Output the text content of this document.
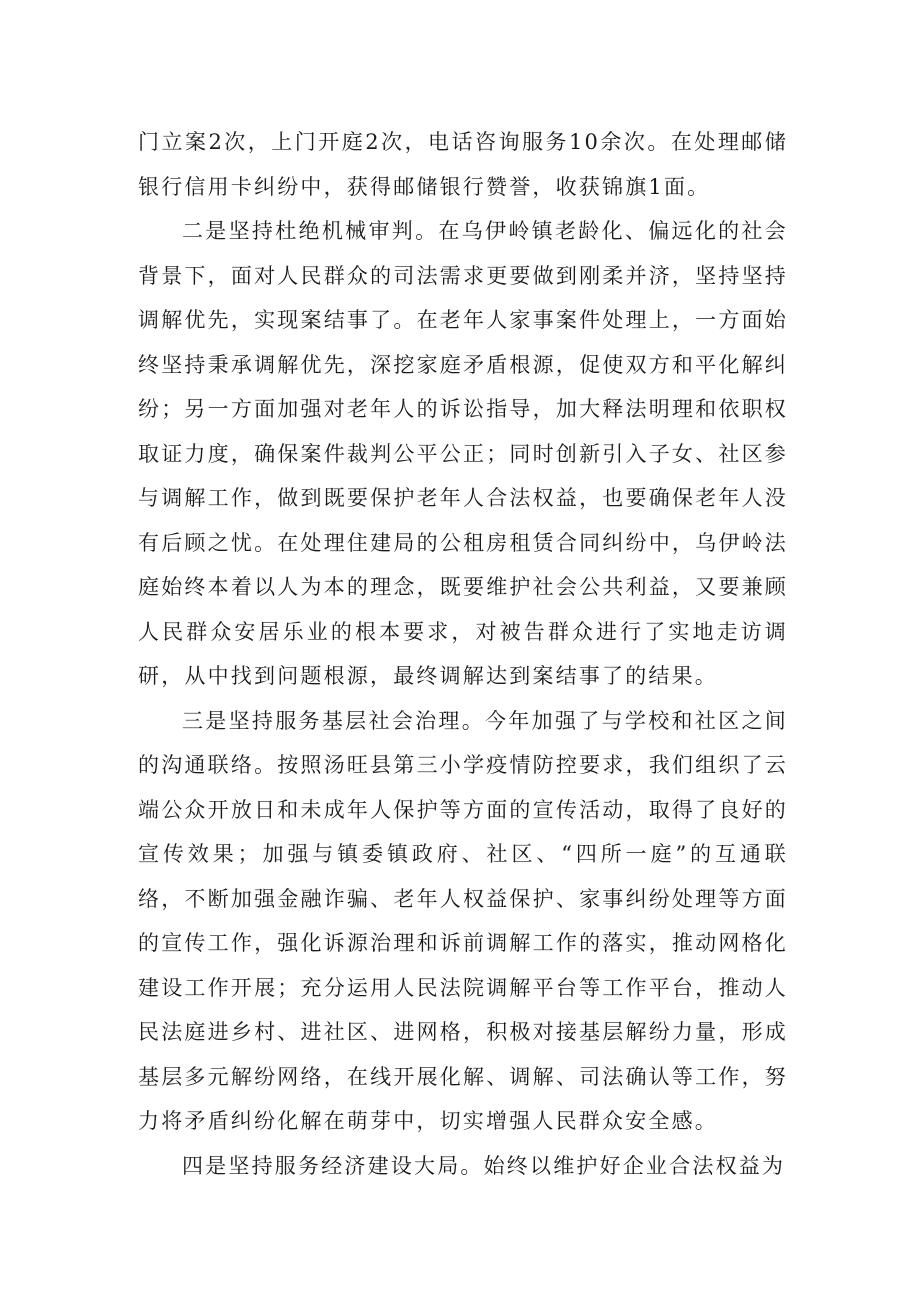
门立案2次，上门开庭2次，电话咨询服务10余次。在处理邮储银行信用卡纠纷中，获得邮储银行赞誉，收获锦旗1面。

二是坚持杜绝机械审判。在乌伊岭镇老龄化、偏远化的社会背景下，面对人民群众的司法需求更要做到刚柔并济，坚持坚持调解优先，实现案结事了。在老年人家事案件处理上，一方面始终坚持秉承调解优先，深挖家庭矛盾根源，促使双方和平化解纠纷；另一方面加强对老年人的诉讼指导，加大释法明理和依职权取证力度，确保案件裁判公平公正；同时创新引入子女、社区参与调解工作，做到既要保护老年人合法权益，也要确保老年人没有后顾之忧。在处理住建局的公租房租赁合同纠纷中，乌伊岭法庭始终本着以人为本的理念，既要维护社会公共利益，又要兼顾人民群众安居乐业的根本要求，对被告群众进行了实地走访调研，从中找到问题根源，最终调解达到案结事了的结果。

三是坚持服务基层社会治理。今年加强了与学校和社区之间的沟通联络。按照汤旺县第三小学疫情防控要求，我们组织了云端公众开放日和未成年人保护等方面的宣传活动，取得了良好的宣传效果；加强与镇委镇政府、社区、“四所一庭”的互通联络，不断加强金融诈骗、老年人权益保护、家事纠纷处理等方面的宣传工作，强化诉源治理和诉前调解工作的落实，推动网格化建设工作开展；充分运用人民法院调解平台等工作平台，推动人民法庭进乡村、进社区、进网格，积极对接基层解纷力量，形成基层多元解纷网络，在线开展化解、调解、司法确认等工作，努力将矛盾纠纷化解在萌芽中，切实增强人民群众安全感。

四是坚持服务经济建设大局。始终以维护好企业合法权益为
